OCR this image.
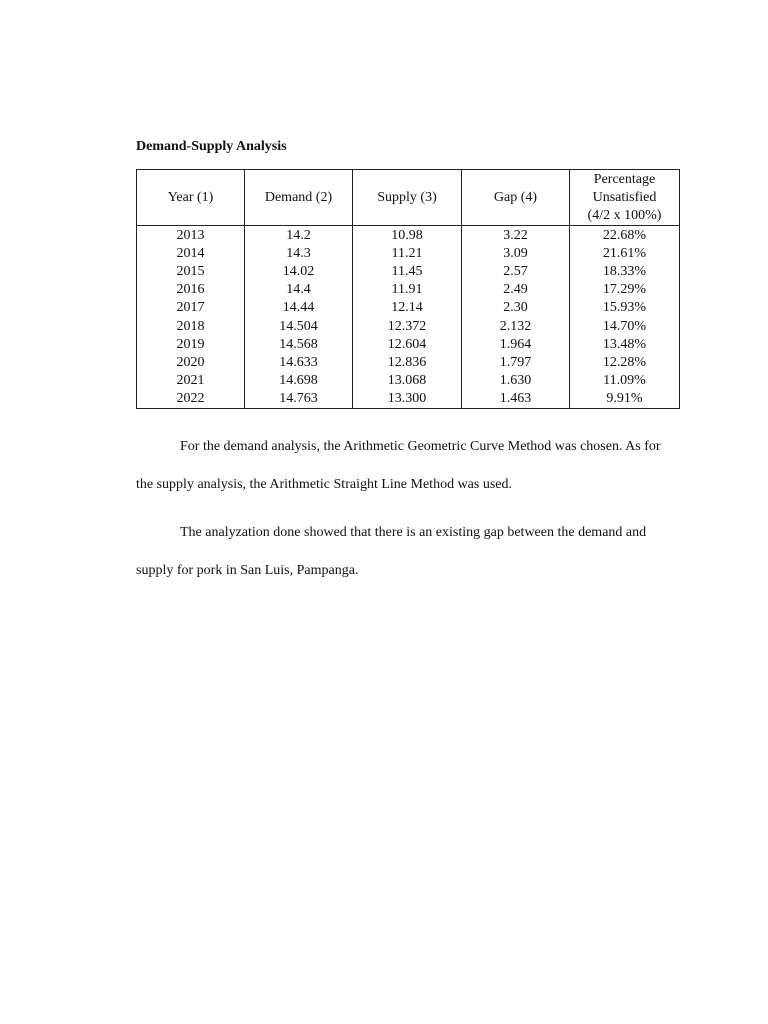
Demand-Supply Analysis
Year (1)	Demand (2)	Supply (3)	Gap (4)	Percentage
Unsatisfied
(4/2 x 100%)

2013	14.2	10.98	3.22	22.68%
2014	14.3	11.21	3.09	21.61%
2015	14.02	11.45	2.57	18.33%
2016	14.4	11.91	2.49	17.29%
2017	14.44	12.14	2.30	15.93%
2018	14.504	12.372	2.132	14.70%
2019	14.568	12.604	1.964	13.48%
2020	14.633	12.836	1.797	12.28%
2021	14.698	13.068	1.630	11.09%
2022	14.763	13.300	1.463	9.91%

For the demand analysis, the Arithmetic Geometric Curve Method was chosen. As for the supply analysis, the Arithmetic Straight Line Method was used.

The analyzation done showed that there is an existing gap between the demand and supply for pork in San Luis, Pampanga.
